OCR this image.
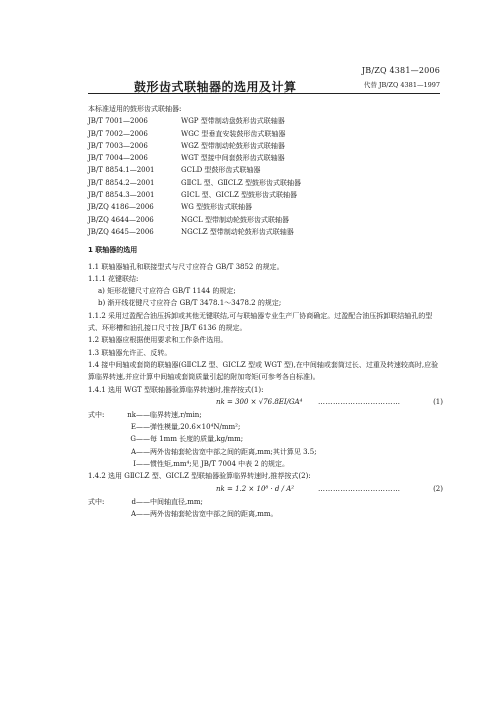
JB/ZQ 4381—2006
鼓形齿式联轴器的选用及计算	代替 JB/ZQ 4381—1997
本标准适用的鼓形齿式联轴器:
JB/T 7001—2006	WGP 型带制动盘鼓形齿式联轴器
JB/T 7002—2006	WGC 型垂直安装鼓形齿式联轴器
JB/T 7003—2006	WGZ 型带制动轮鼓形齿式联轴器
JB/T 7004—2006	WGT 型接中间套鼓形齿式联轴器
JB/T 8854.1—2001	GCLD 型鼓形齿式联轴器
JB/T 8854.2—2001	GⅡCL 型、GⅡCLZ 型鼓形齿式联轴器
JB/T 8854.3—2001	GⅠCL 型、GⅠCLZ 型鼓形齿式联轴器
JB/ZQ 4186—2006	WG 型鼓形齿式联轴器
JB/ZQ 4644—2006	NGCL 型带制动轮鼓形齿式联轴器
JB/ZQ 4645—2006	NGCLZ 型带制动轮鼓形齿式联轴器
1 联轴器的选用
1.1 联轴器轴孔和联接型式与尺寸应符合 GB/T 3852 的规定。
1.1.1 花键联结:
a) 矩形花键尺寸应符合 GB/T 1144 的规定;
b) 渐开线花键尺寸应符合 GB/T 3478.1～3478.2 的规定;
1.1.2 采用过盈配合油压拆卸或其他无键联结,可与联轴器专业生产厂协商确定。过盈配合油压拆卸联结轴孔的型式、环形槽和油孔接口尺寸按 JB/T 6136 的规定。
1.2 联轴器应根据使用要求和工作条件选用。
1.3 联轴器允许正、反转。
1.4 接中间轴或套筒的联轴器(GⅡCLZ 型、GⅠCLZ 型或 WGT 型),在中间轴或套筒过长、过重及转速较高时,应验算临界转速,并应计算中间轴或套筒质量引起的附加弯矩(可参考各自标准)。
1.4.1 选用 WGT 型联轴器验算临界转速时,推荐按式(1):
nk = 300 × √76.8EI/GA⁴ ……………………………	(1)
式中:	nk——临界转速,r/min;
E——弹性模量,20.6×10⁴N/mm²;
G——每 1mm 长度的质量,kg/mm;
A——两外齿轴套轮齿宽中部之间的距离,mm;其计算见 3.5;
I——惯性矩,mm⁴;见 JB/T 7004 中表 2 的规定。
1.4.2 选用 GⅡCLZ 型、GⅠCLZ 型联轴器验算临界转速时,推荐按式(2):
nk = 1.2 × 10⁸ · d / A²	……………………………	(2)
式中:	d——中间轴直径,mm;
A——两外齿轴套轮齿宽中部之间的距离,mm。
